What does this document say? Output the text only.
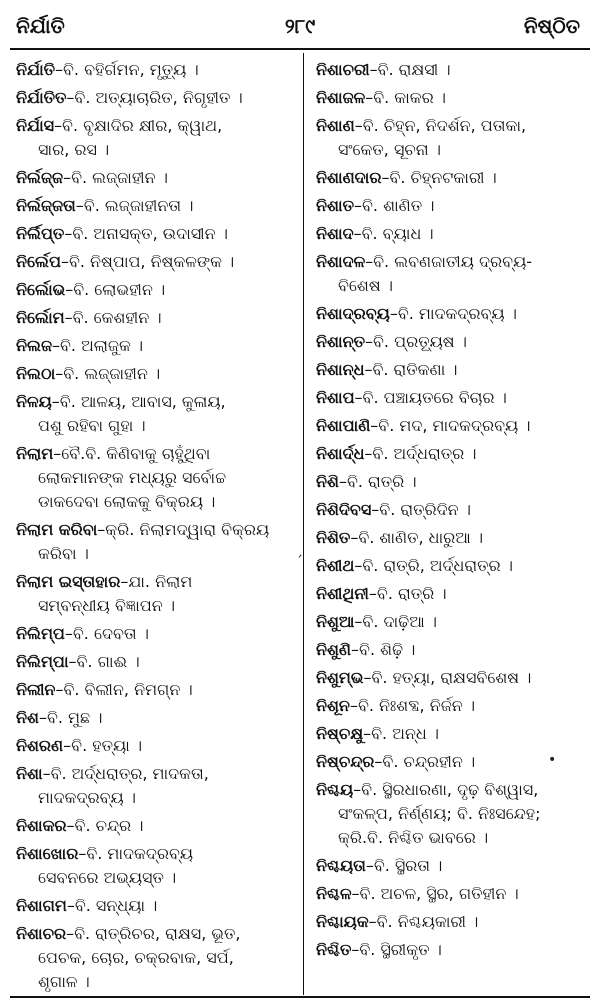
ନିର୍ଯାତି	୨୮୯	ନିଷ୍ଠିତ
ନିର୍ଯାତି–ବି. ବହିର୍ଗମନ, ମୃତ୍ୟୁ ।
ନିର୍ଯାତିତ–ବି. ଅତ୍ୟାଚାରିତ, ନିଗୃହୀତ ।
ନିର୍ଯାସ–ବି. ବୃକ୍ଷାଦିର କ୍ଷୀର, କ୍ୱାଥ,
ସାର, ରସ ।
ନିର୍ଲଜ୍ଜ–ବି. ଲଜ୍ଜାହୀନ ।
ନିର୍ଲଜ୍ଜତା–ବି. ଲଜ୍ଜାହୀନତା ।
ନିର୍ଲିପ୍ତ–ବି. ଅନାସକ୍ତ, ଉଦାସୀନ ।
ନିର୍ଲେପ–ବି. ନିଷ୍ପାପ, ନିଷ୍କଳଙ୍କ ।
ନିର୍ଲୋଭ–ବି. ଲୋଭହୀନ ।
ନିର୍ଲୋମ–ବି. କେଶହୀନ ।
ନିଲଜ–ବି. ଅଲାଜୁକ ।
ନିଲଠା–ବି. ଲଜ୍ଜାହୀନ ।
ନିଳୟ–ବି. ଆଳୟ, ଆବାସ, କୁଳାୟ,
ପଶୁ ରହିବା ଗୁହା ।
ନିଲାମ–ବୈ.ବି. କିଣିବାକୁ ଚାହୁଁଥିବା
ଲୋକମାନଙ୍କ ମଧ୍ୟରୁ ସର୍ବୋଚ୍ଚ
ଡାକଦେବା ଲୋକକୁ ବିକ୍ରୟ ।
ନିଲାମ କରିବା–କ୍ରି. ନିଲାମଦ୍ୱାରା ବିକ୍ରୟ
କରିବା ।
ନିଲାମ ଇସ୍ତାହାର–ଯା. ନିଲାମ
ସମ୍ବନ୍ଧୀୟ ବିଜ୍ଞାପନ ।
ନିଲିମ୍ପ–ବି. ଦେବତା ।
ନିଲିମ୍ପା–ବି. ଗାଈ ।
ନିଲୀନ–ବି. ବିଲୀନ, ନିମଗ୍ନ ।
ନିଶ–ବି. ମୁଛ ।
ନିଶରଣ–ବି. ହତ୍ୟା ।
ନିଶା–ବି. ଅର୍ଦ୍ଧରାତ୍ର, ମାଦକତା,
ମାଦକଦ୍ରବ୍ୟ ।
ନିଶାକର–ବି. ଚନ୍ଦ୍ର ।
ନିଶାଖୋର–ବି. ମାଦକଦ୍ରବ୍ୟ
ସେବନରେ ଅଭ୍ୟସ୍ତ ।
ନିଶାଗମ–ବି. ସନ୍ଧ୍ୟା ।
ନିଶାଚର–ବି. ରାତ୍ରିଚର, ରାକ୍ଷସ, ଭୂତ,
ପେଚକ, ଚୋର, ଚକ୍ରବାକ, ସର୍ପ,
ଶୃଗାଳ ।
ନିଶାଚରୀ–ବି. ରାକ୍ଷସୀ ।
ନିଶାଜଳ–ବି. କାକର ।
ନିଶାଣ–ବି. ଚିହ୍ନ, ନିଦର୍ଶନ, ପତାକା,
ସଂକେତ, ସୂଚନା ।
ନିଶାଣଦାର–ବି. ଚିହ୍ନଟକାରୀ ।
ନିଶାତ–ବି. ଶାଣିତ ।
ନିଶାଦ–ବି. ବ୍ୟାଧ ।
ନିଶାଦଳ–ବି. ଲବଣଜାତୀୟ ଦ୍ରବ୍ୟ-
ବିଶେଷ ।
ନିଶାଦ୍ରବ୍ୟ–ବି. ମାଦକଦ୍ରବ୍ୟ ।
ନିଶାନ୍ତ–ବି. ପ୍ରତ୍ୟୂଷ ।
ନିଶାନ୍ଧ–ବି. ରାତିକଣା ।
ନିଶାପ–ବି. ପଞ୍ଚାୟତରେ ବିଚାର ।
ନିଶାପାଣି–ବି. ମଦ, ମାଦକଦ୍ରବ୍ୟ ।
ନିଶାର୍ଦ୍ଧ–ବି. ଅର୍ଦ୍ଧରାତ୍ର ।
ନିଶି–ବି. ରାତ୍ରି ।
ନିଶିଦିବସ–ବି. ରାତ୍ରିଦିନ ।
ନିଶିତ–ବି. ଶାଣିତ, ଧାରୁଆ ।
ନିଶୀଥ–ବି. ରାତ୍ରି, ଅର୍ଦ୍ଧରାତ୍ର ।
ନିଶୀଥିନୀ–ବି. ରାତ୍ରି ।
ନିଶୁଆ–ବି. ଦାଢ଼ିଆ ।
ନିଶୁଣି–ବି. ଶିଢ଼ି ।
ନିଶୁମ୍ଭ–ବି. ହତ୍ୟା, ରାକ୍ଷସବିଶେଷ ।
ନିଶୂନ–ବି. ନିଃଶବ୍ଦ, ନିର୍ଜନ ।
ନିଷ୍ଚକ୍ଷୁ–ବି. ଅନ୍ଧ ।
ନିଷ୍ଚନ୍ଦ୍ର–ବି. ଚନ୍ଦ୍ରହୀନ ।
ନିଶ୍ଚୟ–ବି. ସ୍ଥିରଧାରଣା, ଦୃଢ଼ ବିଶ୍ୱାସ,
ସଂକଳ୍ପ, ନିର୍ଣ୍ଣୟ; ବି. ନିଃସନ୍ଦେହ;
କ୍ରି.ବି. ନିଶ୍ଚିତ ଭାବରେ ।
ନିଶ୍ଚୟତା–ବି. ସ୍ଥିରତା ।
ନିଶ୍ଚଳ–ବି. ଅଚଳ, ସ୍ଥିର, ଗତିହୀନ ।
ନିଶ୍ଚାୟକ–ବି. ନିଶ୍ଚୟକାରୀ ।
ନିଶ୍ଚିତ–ବି. ସ୍ଥିରୀକୃତ ।
ˏ
•
